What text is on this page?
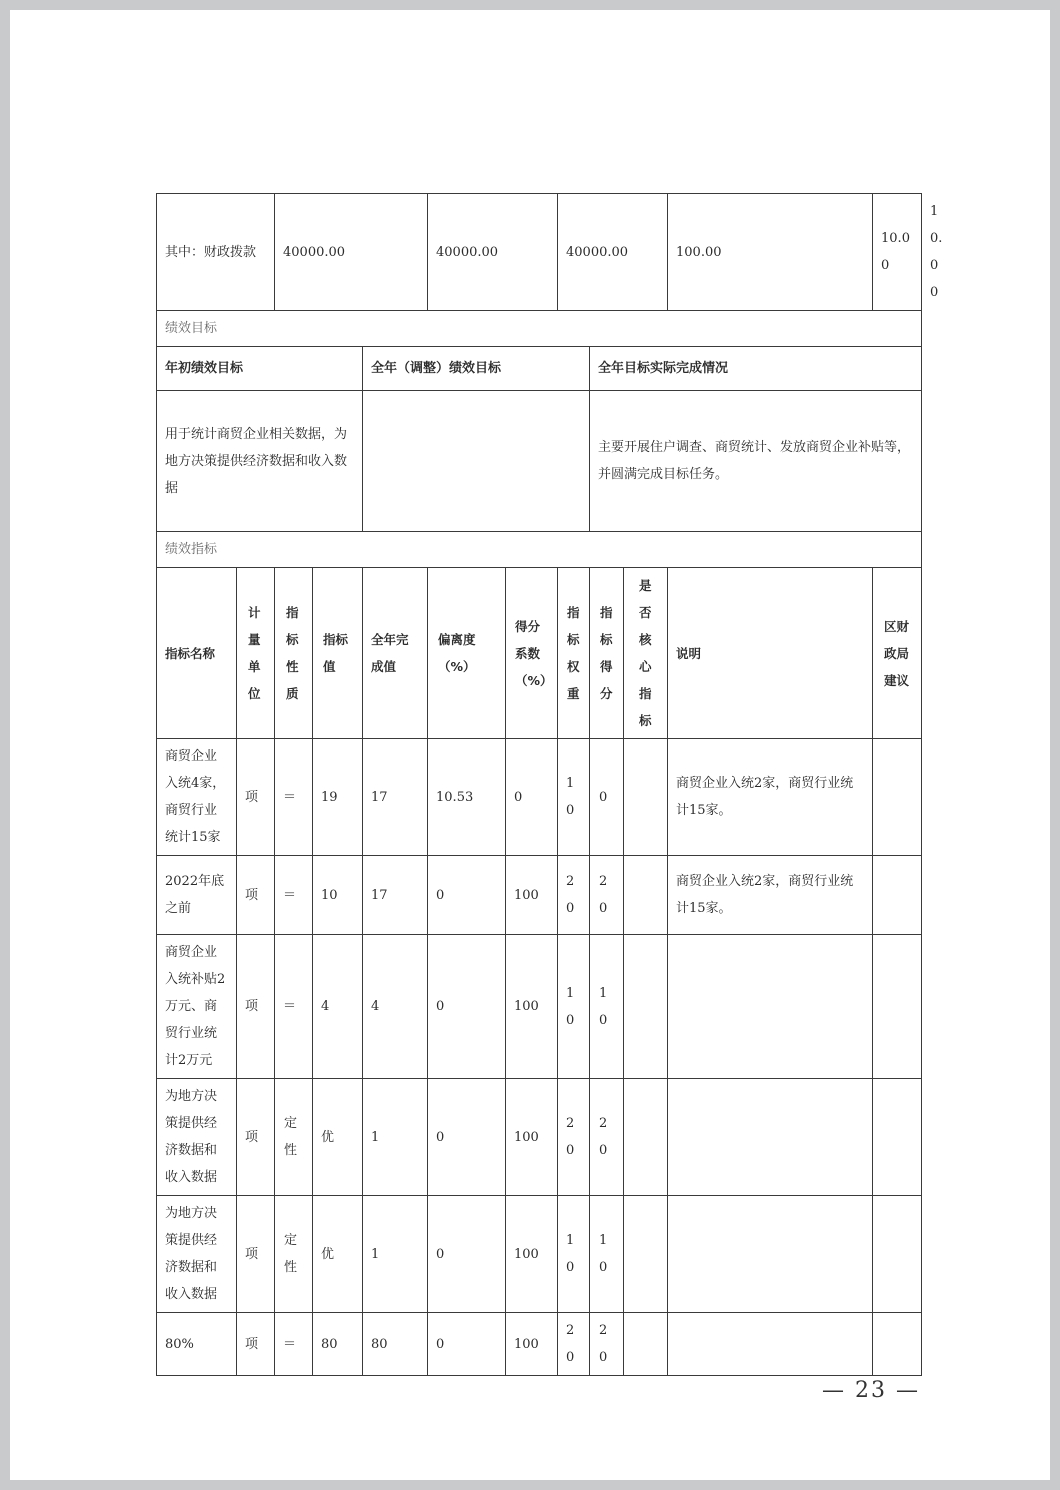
其中：财政拨款		40000.00			40000.00		40000.00			100.00	10.00	10.00
绩效目标												
年初绩效目标				全年（调整）绩效目标				全年目标实际完成情况				
用于统计商贸企业相关数据，为地方决策提供经济数据和收入数据								主要开展住户调查、商贸统计、发放商贸企业补贴等，并圆满完成目标任务。				
绩效指标												
指标名称	计量单位	指标性质	指标值	全年完成值	偏离度（%）	得分系数（%）	指标权重	指标得分	是否核心指标	说明	区财政局建议	
商贸企业入统4家，商贸行业统计15家	项	＝	19	17	10.53	0	10	0		商贸企业入统2家，商贸行业统计15家。		
2022年底之前	项	＝	10	17	0	100	20	20		商贸企业入统2家，商贸行业统计15家。		
商贸企业入统补贴2万元、商贸行业统计2万元	项	＝	4	4	0	100	10	10				
为地方决策提供经济数据和收入数据	项	定性	优	1	0	100	20	20				
为地方决策提供经济数据和收入数据	项	定性	优	1	0	100	10	10				
80%	项	＝	80	80	0	100	20	20				
— 23 —
